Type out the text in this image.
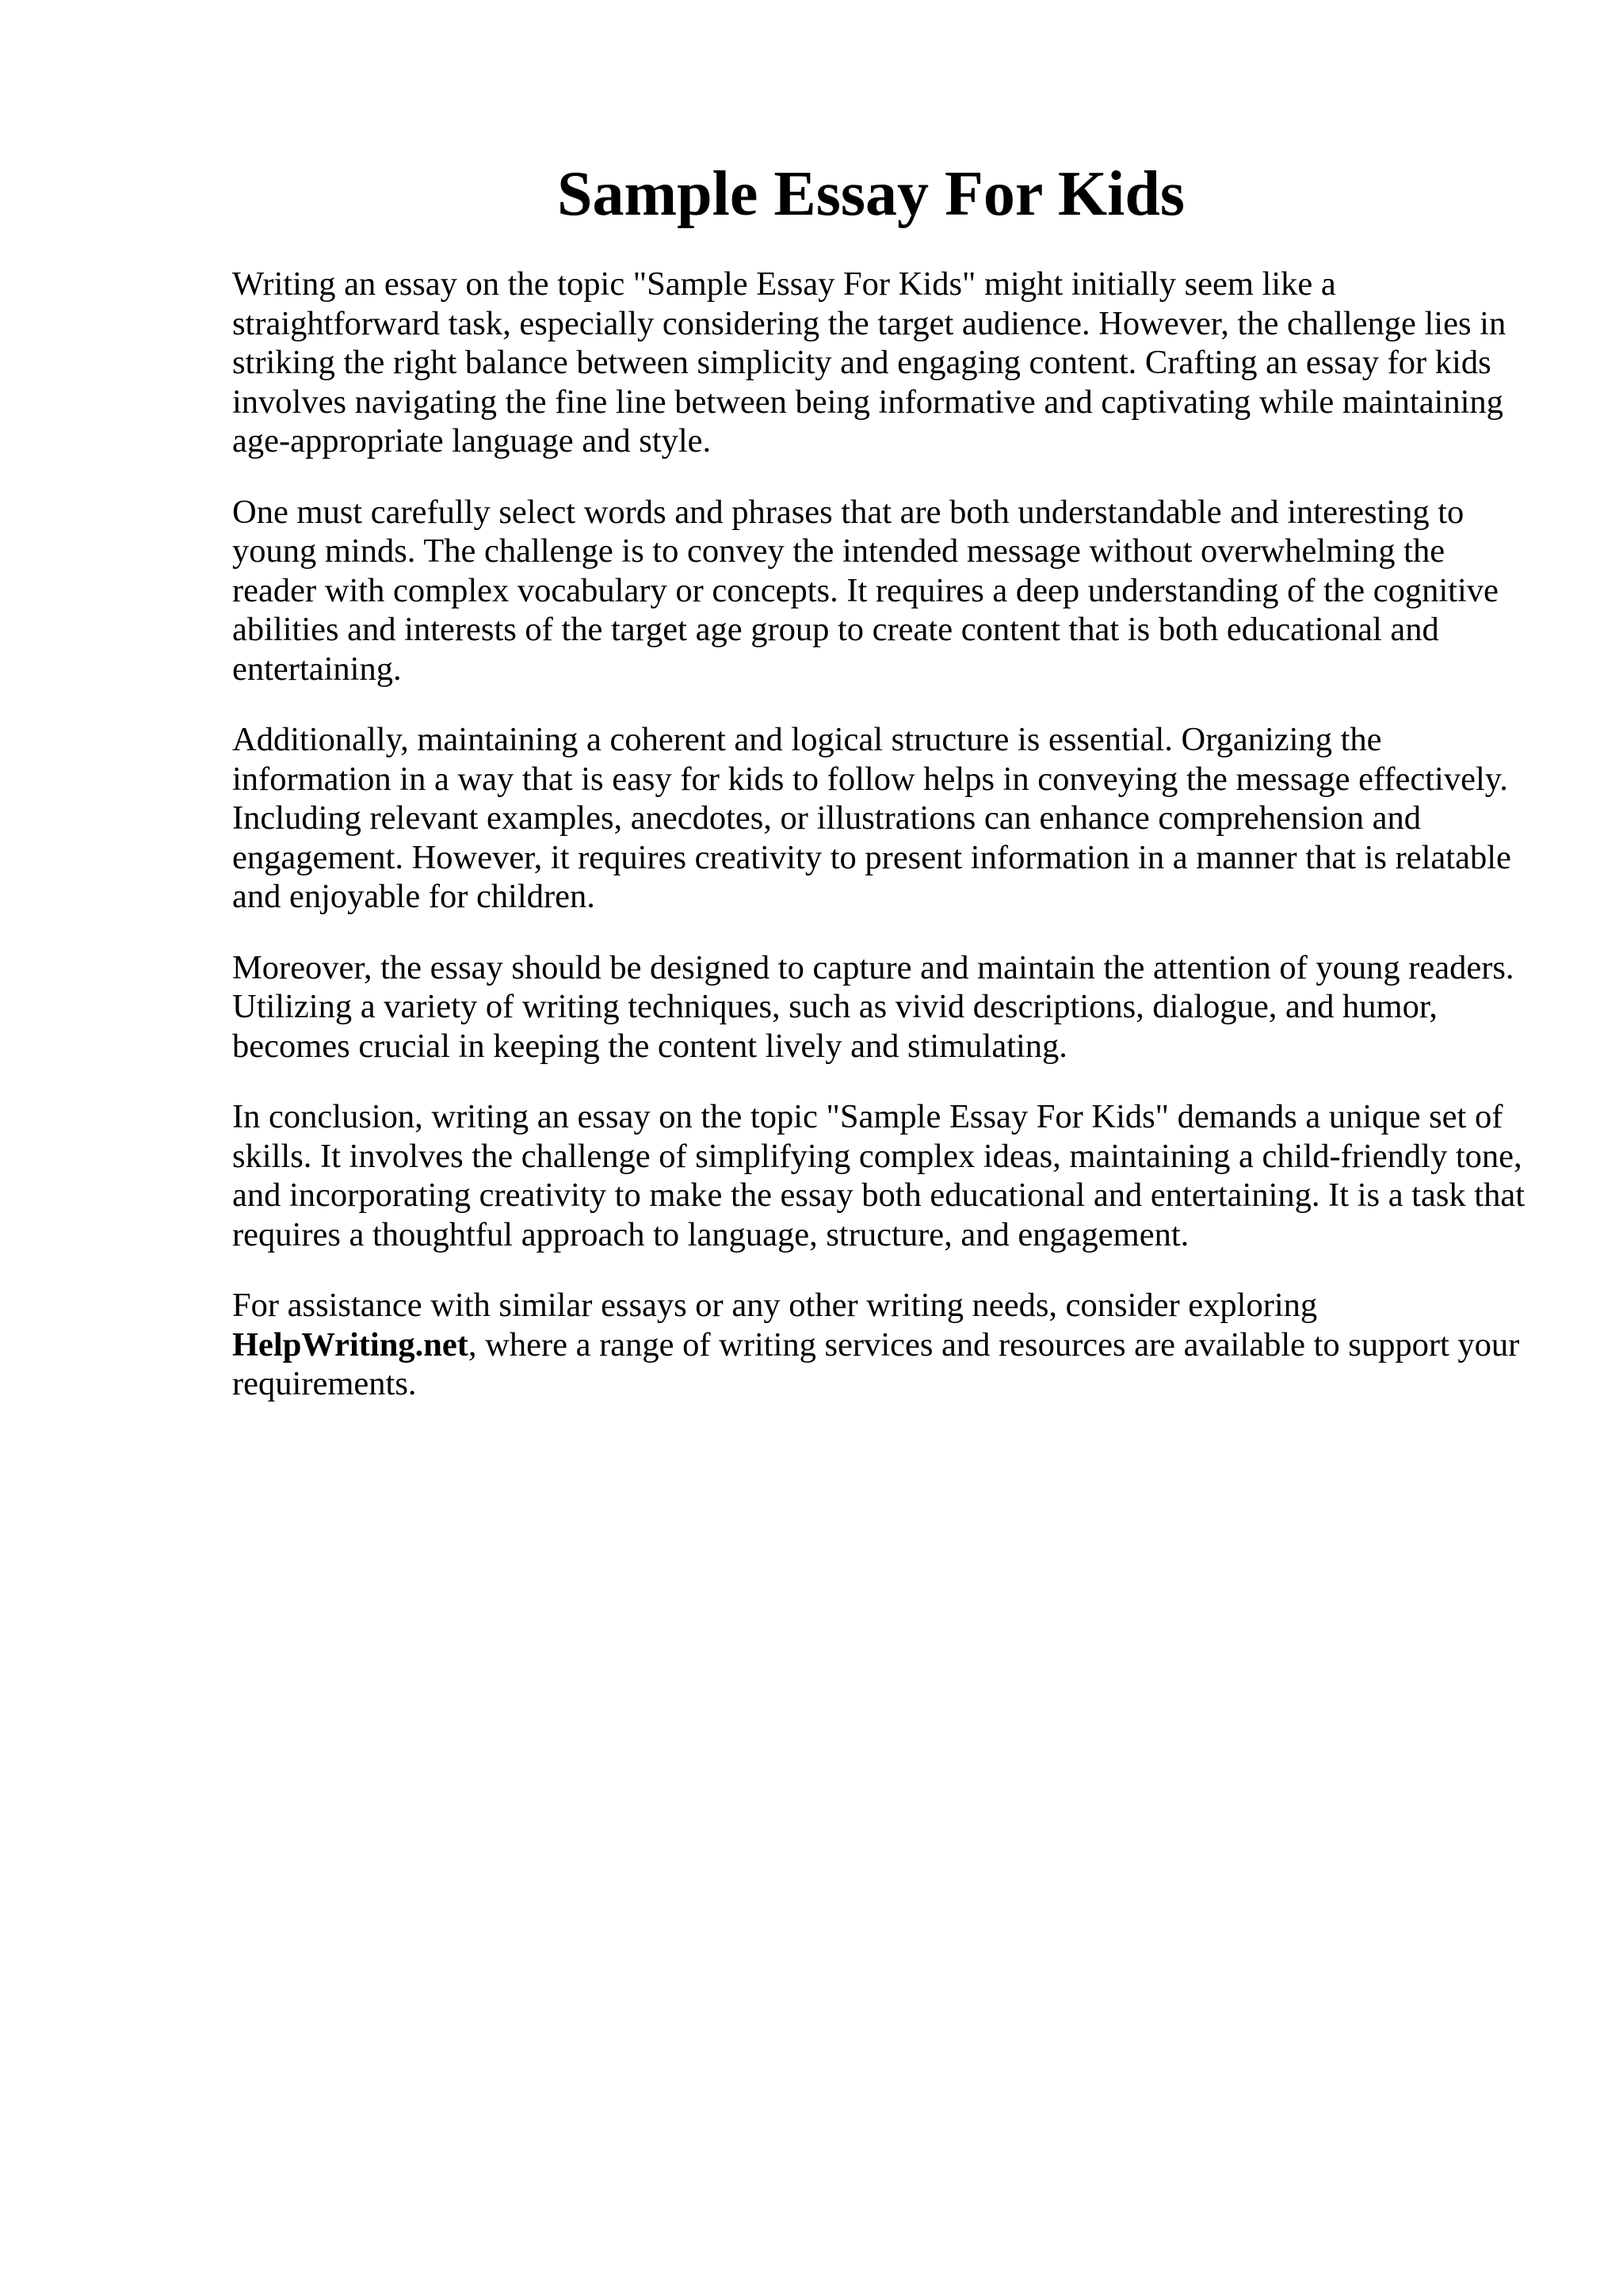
Sample Essay For Kids

Writing an essay on the topic "Sample Essay For Kids" might initially seem like a straightforward task, especially considering the target audience. However, the challenge lies in striking the right balance between simplicity and engaging content. Crafting an essay for kids involves navigating the fine line between being informative and captivating while maintaining age-appropriate language and style.

One must carefully select words and phrases that are both understandable and interesting to young minds. The challenge is to convey the intended message without overwhelming the reader with complex vocabulary or concepts. It requires a deep understanding of the cognitive abilities and interests of the target age group to create content that is both educational and entertaining.

Additionally, maintaining a coherent and logical structure is essential. Organizing the information in a way that is easy for kids to follow helps in conveying the message effectively. Including relevant examples, anecdotes, or illustrations can enhance comprehension and engagement. However, it requires creativity to present information in a manner that is relatable and enjoyable for children.

Moreover, the essay should be designed to capture and maintain the attention of young readers. Utilizing a variety of writing techniques, such as vivid descriptions, dialogue, and humor, becomes crucial in keeping the content lively and stimulating.

In conclusion, writing an essay on the topic "Sample Essay For Kids" demands a unique set of skills. It involves the challenge of simplifying complex ideas, maintaining a child-friendly tone, and incorporating creativity to make the essay both educational and entertaining. It is a task that requires a thoughtful approach to language, structure, and engagement.

For assistance with similar essays or any other writing needs, consider exploring HelpWriting.net, where a range of writing services and resources are available to support your requirements.
